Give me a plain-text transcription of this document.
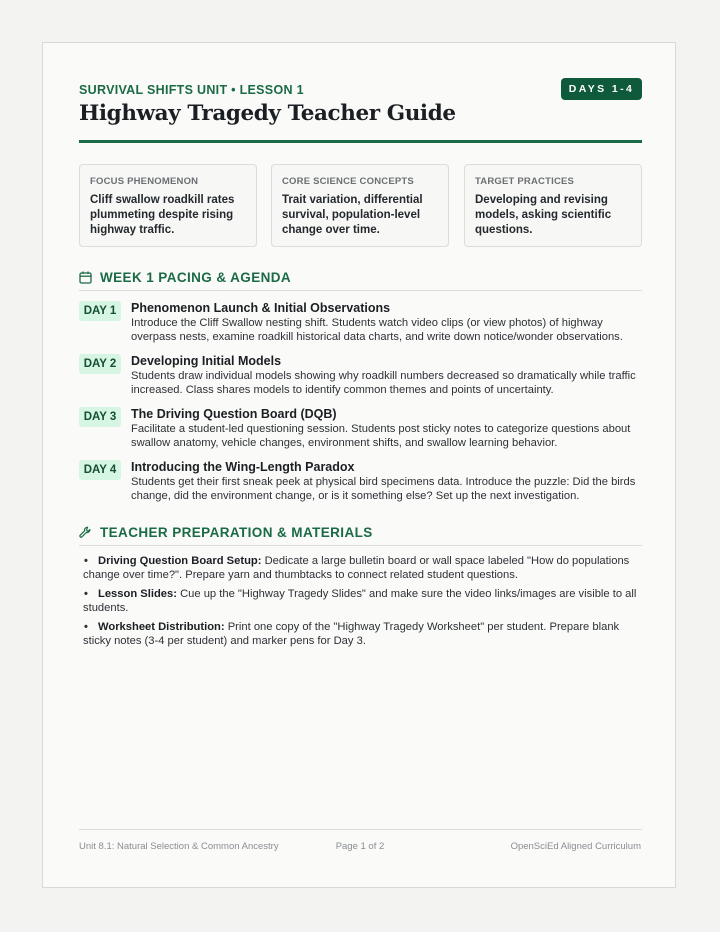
SURVIVAL SHIFTS UNIT • LESSON 1	DAYS 1-4
Highway Tragedy Teacher Guide
FOCUS PHENOMENON
Cliff swallow roadkill rates plummeting despite rising highway traffic.
CORE SCIENCE CONCEPTS
Trait variation, differential survival, population-level change over time.
TARGET PRACTICES
Developing and revising models, asking scientific questions.
WEEK 1 PACING & AGENDA
DAY 1	Phenomenon Launch & Initial Observations
Introduce the Cliff Swallow nesting shift. Students watch video clips (or view photos) of highway overpass nests, examine roadkill historical data charts, and write down notice/wonder observations.
DAY 2	Developing Initial Models
Students draw individual models showing why roadkill numbers decreased so dramatically while traffic increased. Class shares models to identify common themes and points of uncertainty.
DAY 3	The Driving Question Board (DQB)
Facilitate a student-led questioning session. Students post sticky notes to categorize questions about swallow anatomy, vehicle changes, environment shifts, and swallow learning behavior.
DAY 4	Introducing the Wing-Length Paradox
Students get their first sneak peek at physical bird specimens data. Introduce the puzzle: Did the birds change, did the environment change, or is it something else? Set up the next investigation.
TEACHER PREPARATION & MATERIALS
• Driving Question Board Setup: Dedicate a large bulletin board or wall space labeled "How do populations change over time?". Prepare yarn and thumbtacks to connect related student questions.
• Lesson Slides: Cue up the "Highway Tragedy Slides" and make sure the video links/images are visible to all students.
• Worksheet Distribution: Print one copy of the "Highway Tragedy Worksheet" per student. Prepare blank sticky notes (3-4 per student) and marker pens for Day 3.
Unit 8.1: Natural Selection & Common Ancestry	Page 1 of 2	OpenSciEd Aligned Curriculum
